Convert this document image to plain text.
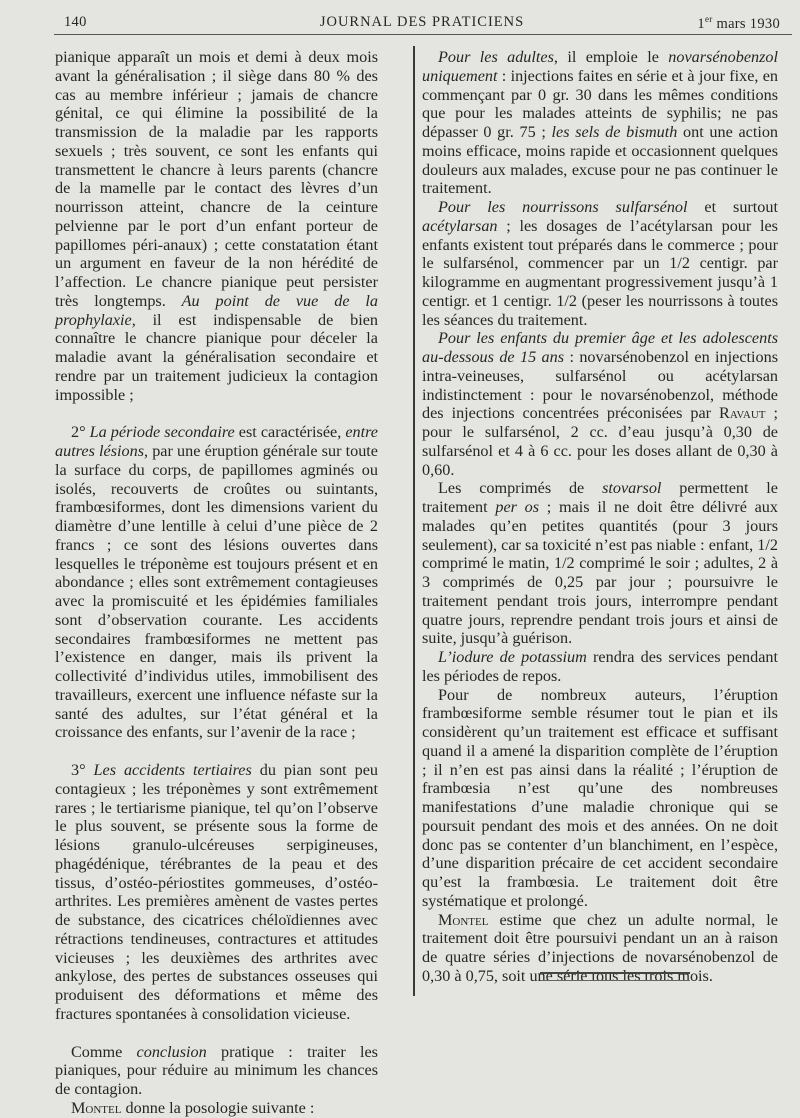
140	JOURNAL DES PRATICIENS	1er mars 1930

pianique apparaît un mois et demi à deux mois avant la généralisation ; il siège dans 80 % des cas au membre inférieur ; jamais de chancre génital, ce qui élimine la possibilité de la transmission de la maladie par les rapports sexuels ; très souvent, ce sont les enfants qui transmettent le chancre à leurs parents (chancre de la mamelle par le contact des lèvres d’un nourrisson atteint, chancre de la ceinture pelvienne par le port d’un enfant porteur de papillomes péri-anaux) ; cette constatation étant un argument en faveur de la non hérédité de l’affection. Le chancre pianique peut persister très longtemps. Au point de vue de la prophylaxie, il est indispensable de bien connaître le chancre pianique pour déceler la maladie avant la généralisation secondaire et rendre par un traitement judicieux la contagion impossible ;

2° La période secondaire est caractérisée, entre autres lésions, par une éruption générale sur toute la surface du corps, de papillomes agminés ou isolés, recouverts de croûtes ou suintants, frambœsiformes, dont les dimensions varient du diamètre d’une lentille à celui d’une pièce de 2 francs ; ce sont des lésions ouvertes dans lesquelles le tréponème est toujours présent et en abondance ; elles sont extrêmement contagieuses avec la promiscuité et les épidémies familiales sont d’observation courante. Les accidents secondaires frambœsiformes ne mettent pas l’existence en danger, mais ils privent la collectivité d’individus utiles, immobilisent des travailleurs, exercent une influence néfaste sur la santé des adultes, sur l’état général et la croissance des enfants, sur l’avenir de la race ;

3° Les accidents tertiaires du pian sont peu contagieux ; les tréponèmes y sont extrêmement rares ; le tertiarisme pianique, tel qu’on l’observe le plus souvent, se présente sous la forme de lésions granulo-ulcéreuses serpigineuses, phagédénique, térébrantes de la peau et des tissus, d’ostéo-périostites gommeuses, d’ostéo-arthrites. Les premières amènent de vastes pertes de substance, des cicatrices chéloïdiennes avec rétractions tendineuses, contractures et attitudes vicieuses ; les deuxièmes des arthrites avec ankylose, des pertes de substances osseuses qui produisent des déformations et même des fractures spontanées à consolidation vicieuse.

Comme conclusion pratique : traiter les pianiques, pour réduire au minimum les chances de contagion.

Montel donne la posologie suivante :

Pour les adultes, il emploie le novarsénobenzol uniquement : injections faites en série et à jour fixe, en commençant par 0 gr. 30 dans les mêmes conditions que pour les malades atteints de syphilis; ne pas dépasser 0 gr. 75 ; les sels de bismuth ont une action moins efficace, moins rapide et occasionnent quelques douleurs aux malades, excuse pour ne pas continuer le traitement.

Pour les nourrissons sulfarsénol et surtout acétylarsan ; les dosages de l’acétylarsan pour les enfants existent tout préparés dans le commerce ; pour le sulfarsénol, commencer par un 1/2 centigr. par kilogramme en augmentant progressivement jusqu’à 1 centigr. et 1 centigr. 1/2 (peser les nourrissons à toutes les séances du traitement.

Pour les enfants du premier âge et les adolescents au-dessous de 15 ans : novarsénobenzol en injections intra-veineuses, sulfarsénol ou acétylarsan indistinctement : pour le novarsénobenzol, méthode des injections concentrées préconisées par Ravaut ; pour le sulfarsénol, 2 cc. d’eau jusqu’à 0,30 de sulfarsénol et 4 à 6 cc. pour les doses allant de 0,30 à 0,60.

Les comprimés de stovarsol permettent le traitement per os ; mais il ne doit être délivré aux malades qu’en petites quantités (pour 3 jours seulement), car sa toxicité n’est pas niable : enfant, 1/2 comprimé le matin, 1/2 comprimé le soir ; adultes, 2 à 3 comprimés de 0,25 par jour ; poursuivre le traitement pendant trois jours, interrompre pendant quatre jours, reprendre pendant trois jours et ainsi de suite, jusqu’à guérison.

L’iodure de potassium rendra des services pendant les périodes de repos.

Pour de nombreux auteurs, l’éruption frambœsiforme semble résumer tout le pian et ils considèrent qu’un traitement est efficace et suffisant quand il a amené la disparition complète de l’éruption ; il n’en est pas ainsi dans la réalité ; l’éruption de frambœsia n’est qu’une des nombreuses manifestations d’une maladie chronique qui se poursuit pendant des mois et des années. On ne doit donc pas se contenter d’un blanchiment, en l’espèce, d’une disparition précaire de cet accident secondaire qu’est la frambœsia. Le traitement doit être systématique et prolongé.

Montel estime que chez un adulte normal, le traitement doit être poursuivi pendant un an à raison de quatre séries d’injections de novarsénobenzol de 0,30 à 0,75, soit une série tous les trois mois.
